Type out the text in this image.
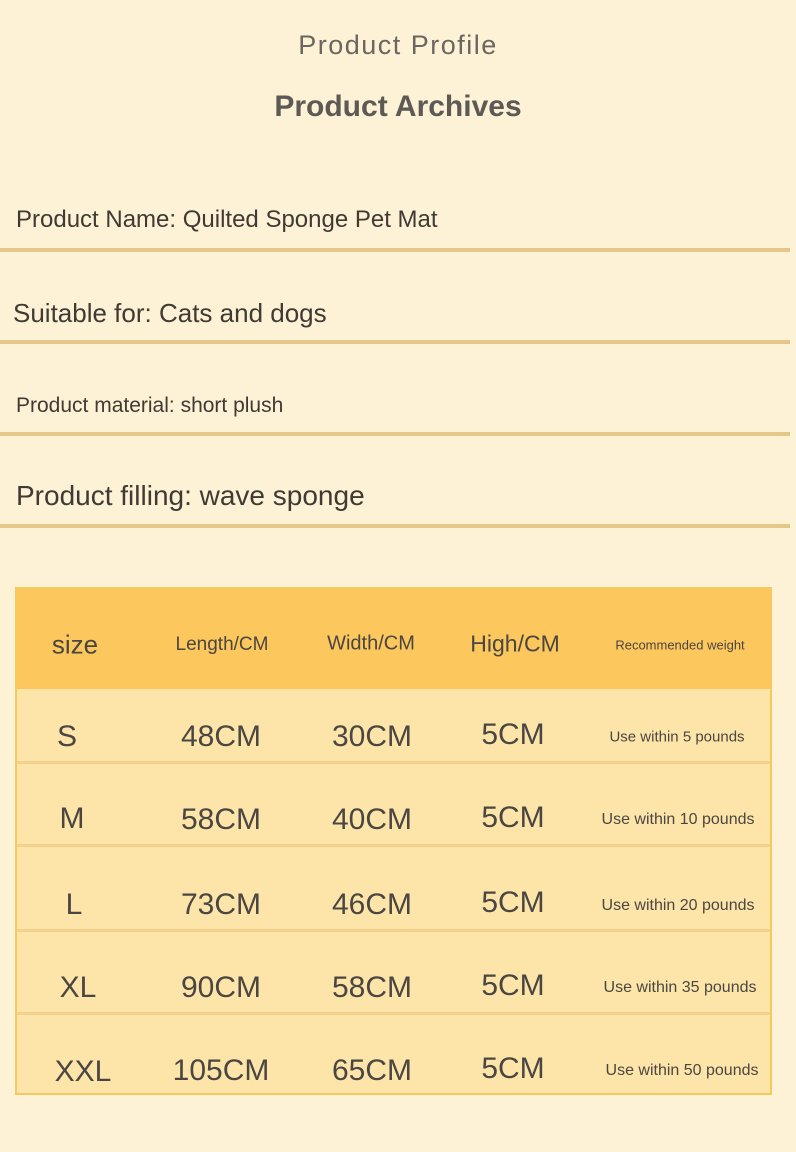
Product Profile
Product Archives
Product Name: Quilted Sponge Pet Mat
Suitable for: Cats and dogs
Product material: short plush
Product filling: wave sponge
size	Length/CM	Width/CM High/CM	Recommended weight
S	48CM 30CM 5CM	Use within 5 pounds
M	58CM 40CM 5CM	Use within 10 pounds
L	73CM 46CM 5CM	Use within 20 pounds
XL	90CM 58CM 5CM	Use within 35 pounds
XXL 105CM 65CM 5CM	Use within 50 pounds
